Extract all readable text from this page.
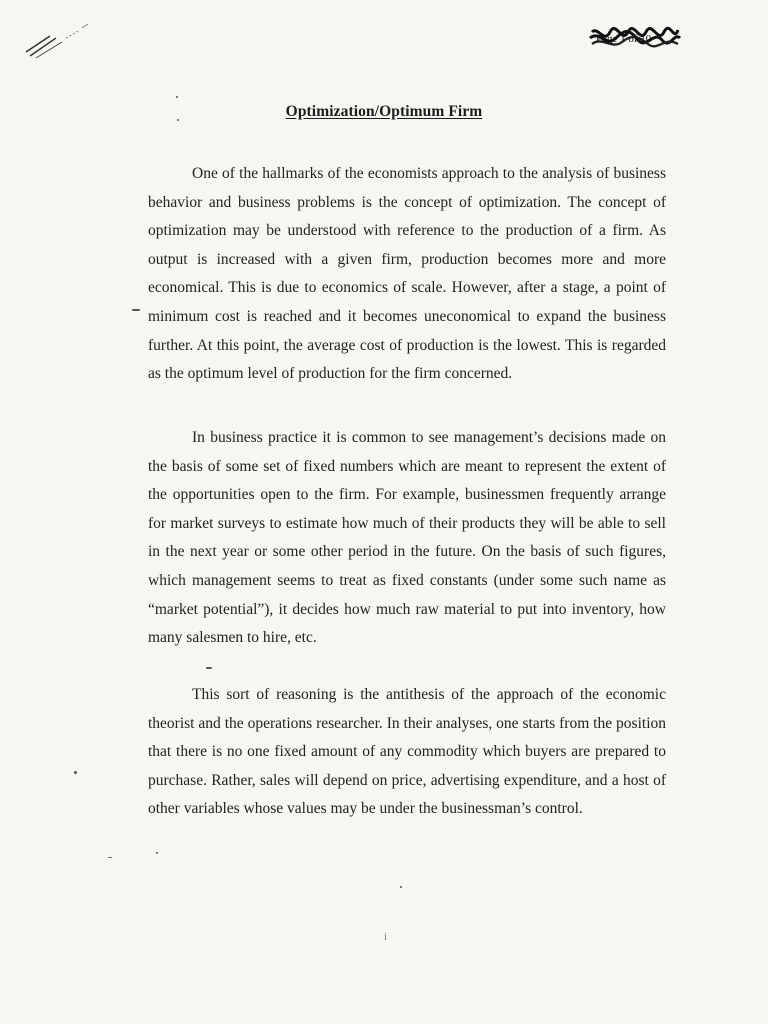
Page 1 of 10
Optimization/Optimum Firm

One of the hallmarks of the economists approach to the analysis of business behavior and business problems is the concept of optimization. The concept of optimization may be understood with reference to the production of a firm. As output is increased with a given firm, production becomes more and more economical. This is due to economics of scale. However, after a stage, a point of minimum cost is reached and it becomes uneconomical to expand the business further. At this point, the average cost of production is the lowest. This is regarded as the optimum level of production for the firm concerned.

In business practice it is common to see management’s decisions made on the basis of some set of fixed numbers which are meant to represent the extent of the opportunities open to the firm. For example, businessmen frequently arrange for market surveys to estimate how much of their products they will be able to sell in the next year or some other period in the future. On the basis of such figures, which management seems to treat as fixed constants (under some such name as “market potential”), it decides how much raw material to put into inventory, how many salesmen to hire, etc.

This sort of reasoning is the antithesis of the approach of the economic theorist and the operations researcher. In their analyses, one starts from the position that there is no one fixed amount of any commodity which buyers are prepared to purchase. Rather, sales will depend on price, advertising expenditure, and a host of other variables whose values may be under the businessman’s control.

i
